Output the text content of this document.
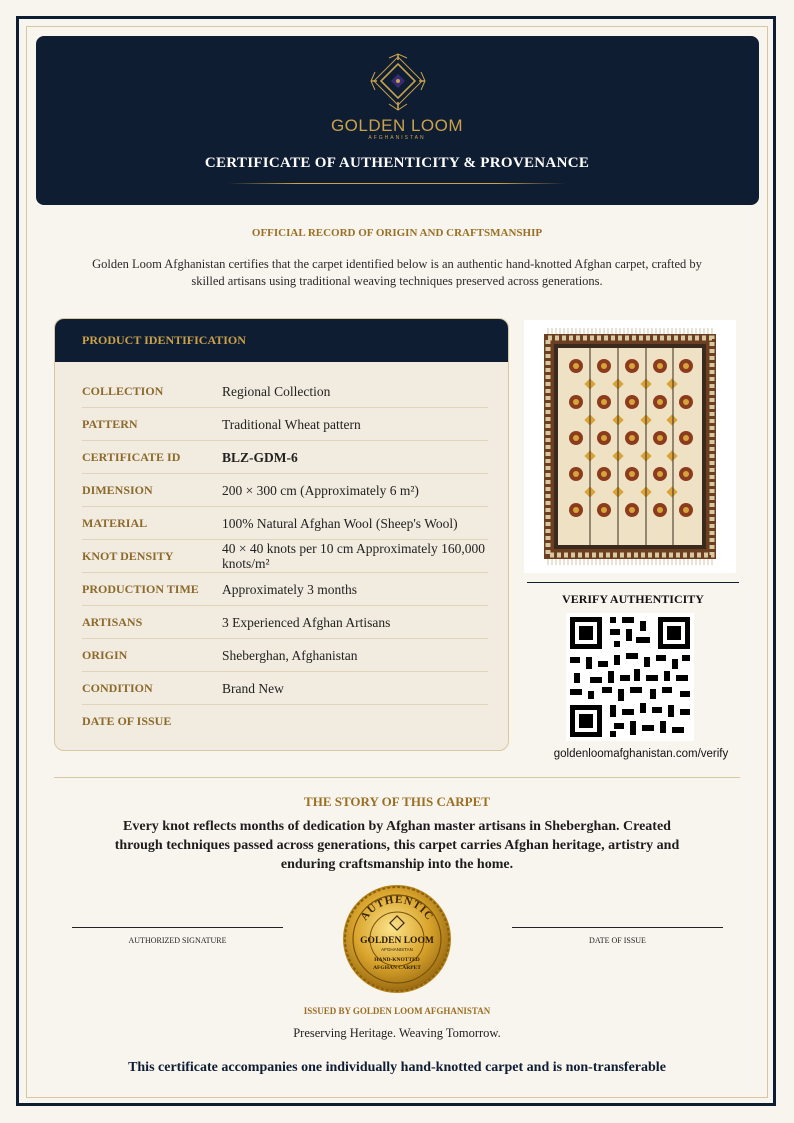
GOLDEN LOOM
AFGHANISTAN
CERTIFICATE OF AUTHENTICITY & PROVENANCE
OFFICIAL RECORD OF ORIGIN AND CRAFTSMANSHIP
Golden Loom Afghanistan certifies that the carpet identified below is an authentic hand-knotted Afghan carpet, crafted by skilled artisans using traditional weaving techniques preserved across generations.
PRODUCT IDENTIFICATION
COLLECTION	Regional Collection
PATTERN	Traditional Wheat pattern
CERTIFICATE ID	BLZ-GDM-6
DIMENSION	200 × 300 cm (Approximately 6 m²)
MATERIAL	100% Natural Afghan Wool (Sheep's Wool)
KNOT DENSITY	40 × 40 knots per 10 cm Approximately 160,000 knots/m²
PRODUCTION TIME	Approximately 3 months
ARTISANS	3 Experienced Afghan Artisans
ORIGIN	Sheberghan, Afghanistan
CONDITION	Brand New
DATE OF ISSUE
VERIFY AUTHENTICITY
goldenloomafghanistan.com/verify
THE STORY OF THIS CARPET
Every knot reflects months of dedication by Afghan master artisans in Sheberghan. Created through techniques passed across generations, this carpet carries Afghan heritage, artistry and enduring craftsmanship into the home.
AUTHORIZED SIGNATURE	DATE OF ISSUE
AUTHENTIC
GOLDEN LOOM
AFGHANISTAN
HAND-KNOTTED
AFGHAN CARPET
ISSUED BY GOLDEN LOOM AFGHANISTAN
Preserving Heritage. Weaving Tomorrow.
This certificate accompanies one individually hand-knotted carpet and is non-transferable
